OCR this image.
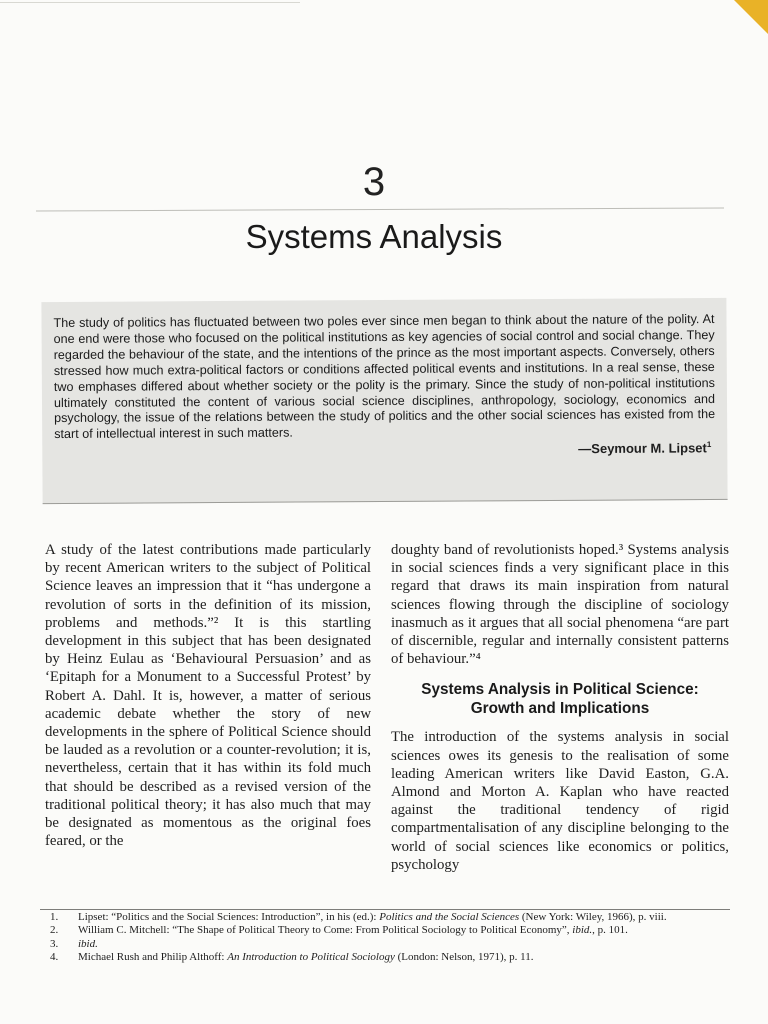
3
Systems Analysis
The study of politics has fluctuated between two poles ever since men began to think about the nature of the polity. At one end were those who focused on the political institutions as key agencies of social control and social change. They regarded the behaviour of the state, and the intentions of the prince as the most important aspects. Conversely, others stressed how much extra-political factors or conditions affected political events and institutions. In a real sense, these two emphases differed about whether society or the polity is the primary. Since the study of non-political institutions ultimately constituted the content of various social science disciplines, anthropology, sociology, economics and psychology, the issue of the relations between the study of politics and the other social sciences has existed from the start of intellectual interest in such matters.
—Seymour M. Lipset$^1$

A study of the latest contributions made particularly by recent American writers to the subject of Political Science leaves an impression that it “has undergone a revolution of sorts in the definition of its mission, problems and methods.”² It is this startling development in this subject that has been designated by Heinz Eulau as ‘Behavioural Persuasion’ and as ‘Epitaph for a Monument to a Successful Protest’ by Robert A. Dahl. It is, however, a matter of serious academic debate whether the story of new developments in the sphere of Political Science should be lauded as a revolution or a counter-revolution; it is, nevertheless, certain that it has within its fold much that should be described as a revised version of the traditional political theory; it has also much that may be designated as momentous as the original foes feared, or the

doughty band of revolutionists hoped.³ Systems analysis in social sciences finds a very significant place in this regard that draws its main inspiration from natural sciences flowing through the discipline of sociology inasmuch as it argues that all social phenomena “are part of discernible, regular and internally consistent patterns of behaviour.”⁴

Systems Analysis in Political Science:
Growth and Implications

The introduction of the systems analysis in social sciences owes its genesis to the realisation of some leading American writers like David Easton, G.A. Almond and Morton A. Kaplan who have reacted against the traditional tendency of rigid compartmentalisation of any discipline belonging to the world of social sciences like economics or politics, psychology

1.	Lipset: “Politics and the Social Sciences: Introduction”, in his (ed.): Politics and the Social Sciences (New York: Wiley, 1966), p. viii.
2.	William C. Mitchell: “The Shape of Political Theory to Come: From Political Sociology to Political Economy”, ibid., p. 101.
3.	ibid.
4.	Michael Rush and Philip Althoff: An Introduction to Political Sociology (London: Nelson, 1971), p. 11.
